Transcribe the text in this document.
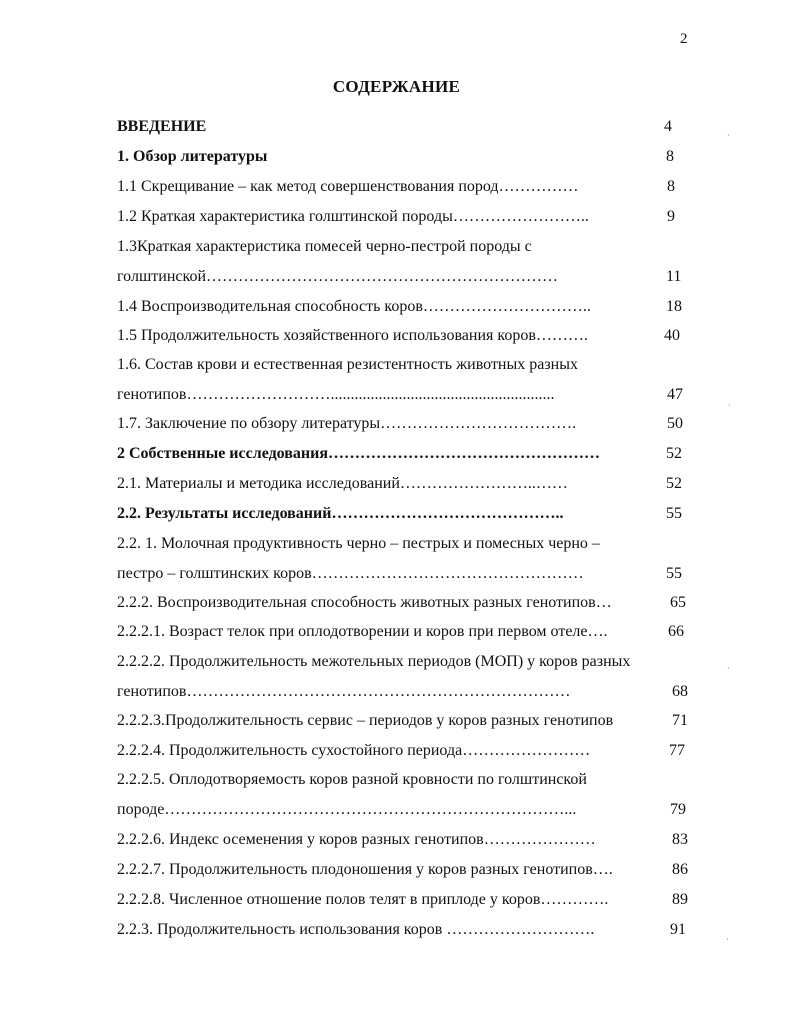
2
СОДЕРЖАНИЕ
ВВЕДЕНИЕ	4
1. Обзор литературы	8
1.1 Скрещивание – как метод совершенствования пород……………	8
1.2 Краткая характеристика голштинской породы……………………..	9
1.3Краткая характеристика помесей черно-пестрой породы с
голштинской…………………………………………………………	11
1.4 Воспроизводительная способность коров…………………………..	18
1.5 Продолжительность хозяйственного использования коров……….	40
1.6. Состав крови и естественная резистентность животных разных
генотипов………………………........................................................	47
1.7. Заключение по обзору литературы……………………………….	50
2 Собственные исследования……………………………………………	52
2.1. Материалы и методика исследований……………………..……	52
2.2. Результаты исследований……………………………………..	55
2.2. 1. Молочная продуктивность черно – пестрых и помесных черно –
пестро – голштинских коров……………………………………………	55
2.2.2. Воспроизводительная способность животных разных генотипов…	65
2.2.2.1. Возраст телок при оплодотворении и коров при первом отеле….	66
2.2.2.2. Продолжительность межотельных периодов (МОП) у коров разных
генотипов………………………………………………………………	68
2.2.2.3.Продолжительность сервис – периодов у коров разных генотипов	71
2.2.2.4. Продолжительность сухостойного периода……………………	77
2.2.2.5. Оплодотворяемость коров разной кровности по голштинской
породе…………………………………………………………………...	79
2.2.2.6. Индекс осеменения у коров разных генотипов…………………	83
2.2.2.7. Продолжительность плодоношения у коров разных генотипов….	86
2.2.2.8. Численное отношение полов телят в приплоде у коров………….	89
2.2.3. Продолжительность использования коров ……………………….	91
·
·
·
·
